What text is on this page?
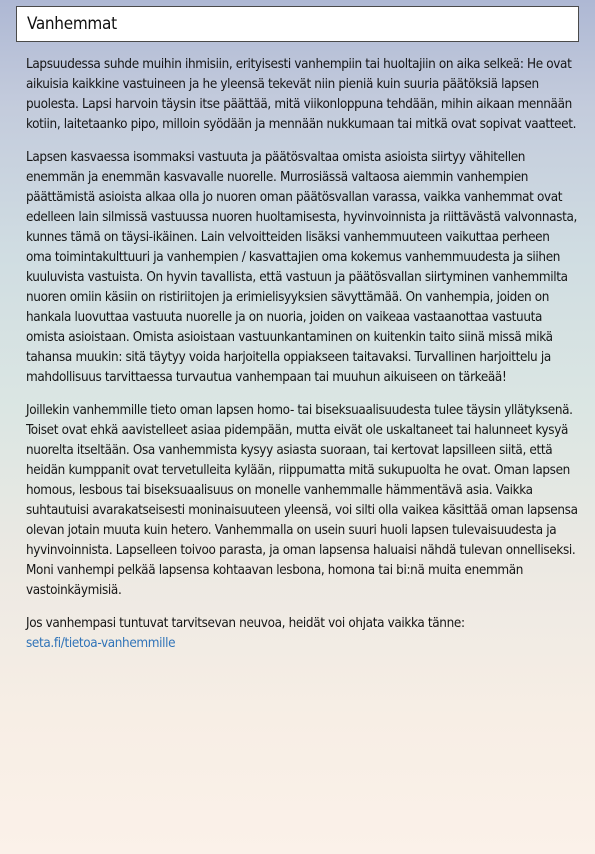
Vanhemmat

Lapsuudessa suhde muihin ihmisiin, erityisesti vanhempiin tai huoltajiin on aika selkeä: He ovat aikuisia kaikkine vastuineen ja he yleensä tekevät niin pieniä kuin suuria päätöksiä lapsen puolesta. Lapsi harvoin täysin itse päättää, mitä viikonloppuna tehdään, mihin aikaan mennään kotiin, laitetaanko pipo, milloin syödään ja mennään nukkumaan tai mitkä ovat sopivat vaatteet.

Lapsen kasvaessa isommaksi vastuuta ja päätösvaltaa omista asioista siirtyy vähitellen enemmän ja enemmän kasvavalle nuorelle. Murrosiässä valtaosa aiemmin vanhempien päättämistä asioista alkaa olla jo nuoren oman päätösvallan varassa, vaikka vanhemmat ovat edelleen lain silmissä vastuussa nuoren huoltamisesta, hyvinvoinnista ja riittävästä valvonnasta, kunnes tämä on täysi-ikäinen. Lain velvoitteiden lisäksi vanhemmuuteen vaikuttaa perheen oma toimintakulttuuri ja vanhempien / kasvattajien oma kokemus vanhemmuudesta ja siihen kuuluvista vastuista. On hyvin tavallista, että vastuun ja päätösvallan siirtyminen vanhemmilta nuoren omiin käsiin on ristiriitojen ja erimielisyyksien sävyttämää. On vanhempia, joiden on hankala luovuttaa vastuuta nuorelle ja on nuoria, joiden on vaikeaa vastaanottaa vastuuta omista asioistaan. Omista asioistaan vastuunkantaminen on kuitenkin taito siinä missä mikä tahansa muukin: sitä täytyy voida harjoitella oppiakseen taitavaksi. Turvallinen harjoittelu ja mahdollisuus tarvittaessa turvautua vanhempaan tai muuhun aikuiseen on tärkeää!

Joillekin vanhemmille tieto oman lapsen homo- tai biseksuaalisuudesta tulee täysin yllätyksenä. Toiset ovat ehkä aavistelleet asiaa pidempään, mutta eivät ole uskaltaneet tai halunneet kysyä nuorelta itseltään. Osa vanhemmista kysyy asiasta suoraan, tai kertovat lapsilleen siitä, että heidän kumppanit ovat tervetulleita kylään, riippumatta mitä sukupuolta he ovat. Oman lapsen homous, lesbous tai biseksuaalisuus on monelle vanhemmalle hämmentävä asia. Vaikka suhtautuisi avarakatseisesti moninaisuuteen yleensä, voi silti olla vaikea käsittää oman lapsensa olevan jotain muuta kuin hetero. Vanhemmalla on usein suuri huoli lapsen tulevaisuudesta ja hyvinvoinnista. Lapselleen toivoo parasta, ja oman lapsensa haluaisi nähdä tulevan onnelliseksi. Moni vanhempi pelkää lapsensa kohtaavan lesbona, homona tai bi:nä muita enemmän vastoinkäymisiä.

Jos vanhempasi tuntuvat tarvitsevan neuvoa, heidät voi ohjata vaikka tänne:

seta.fi/tietoa-vanhemmille
